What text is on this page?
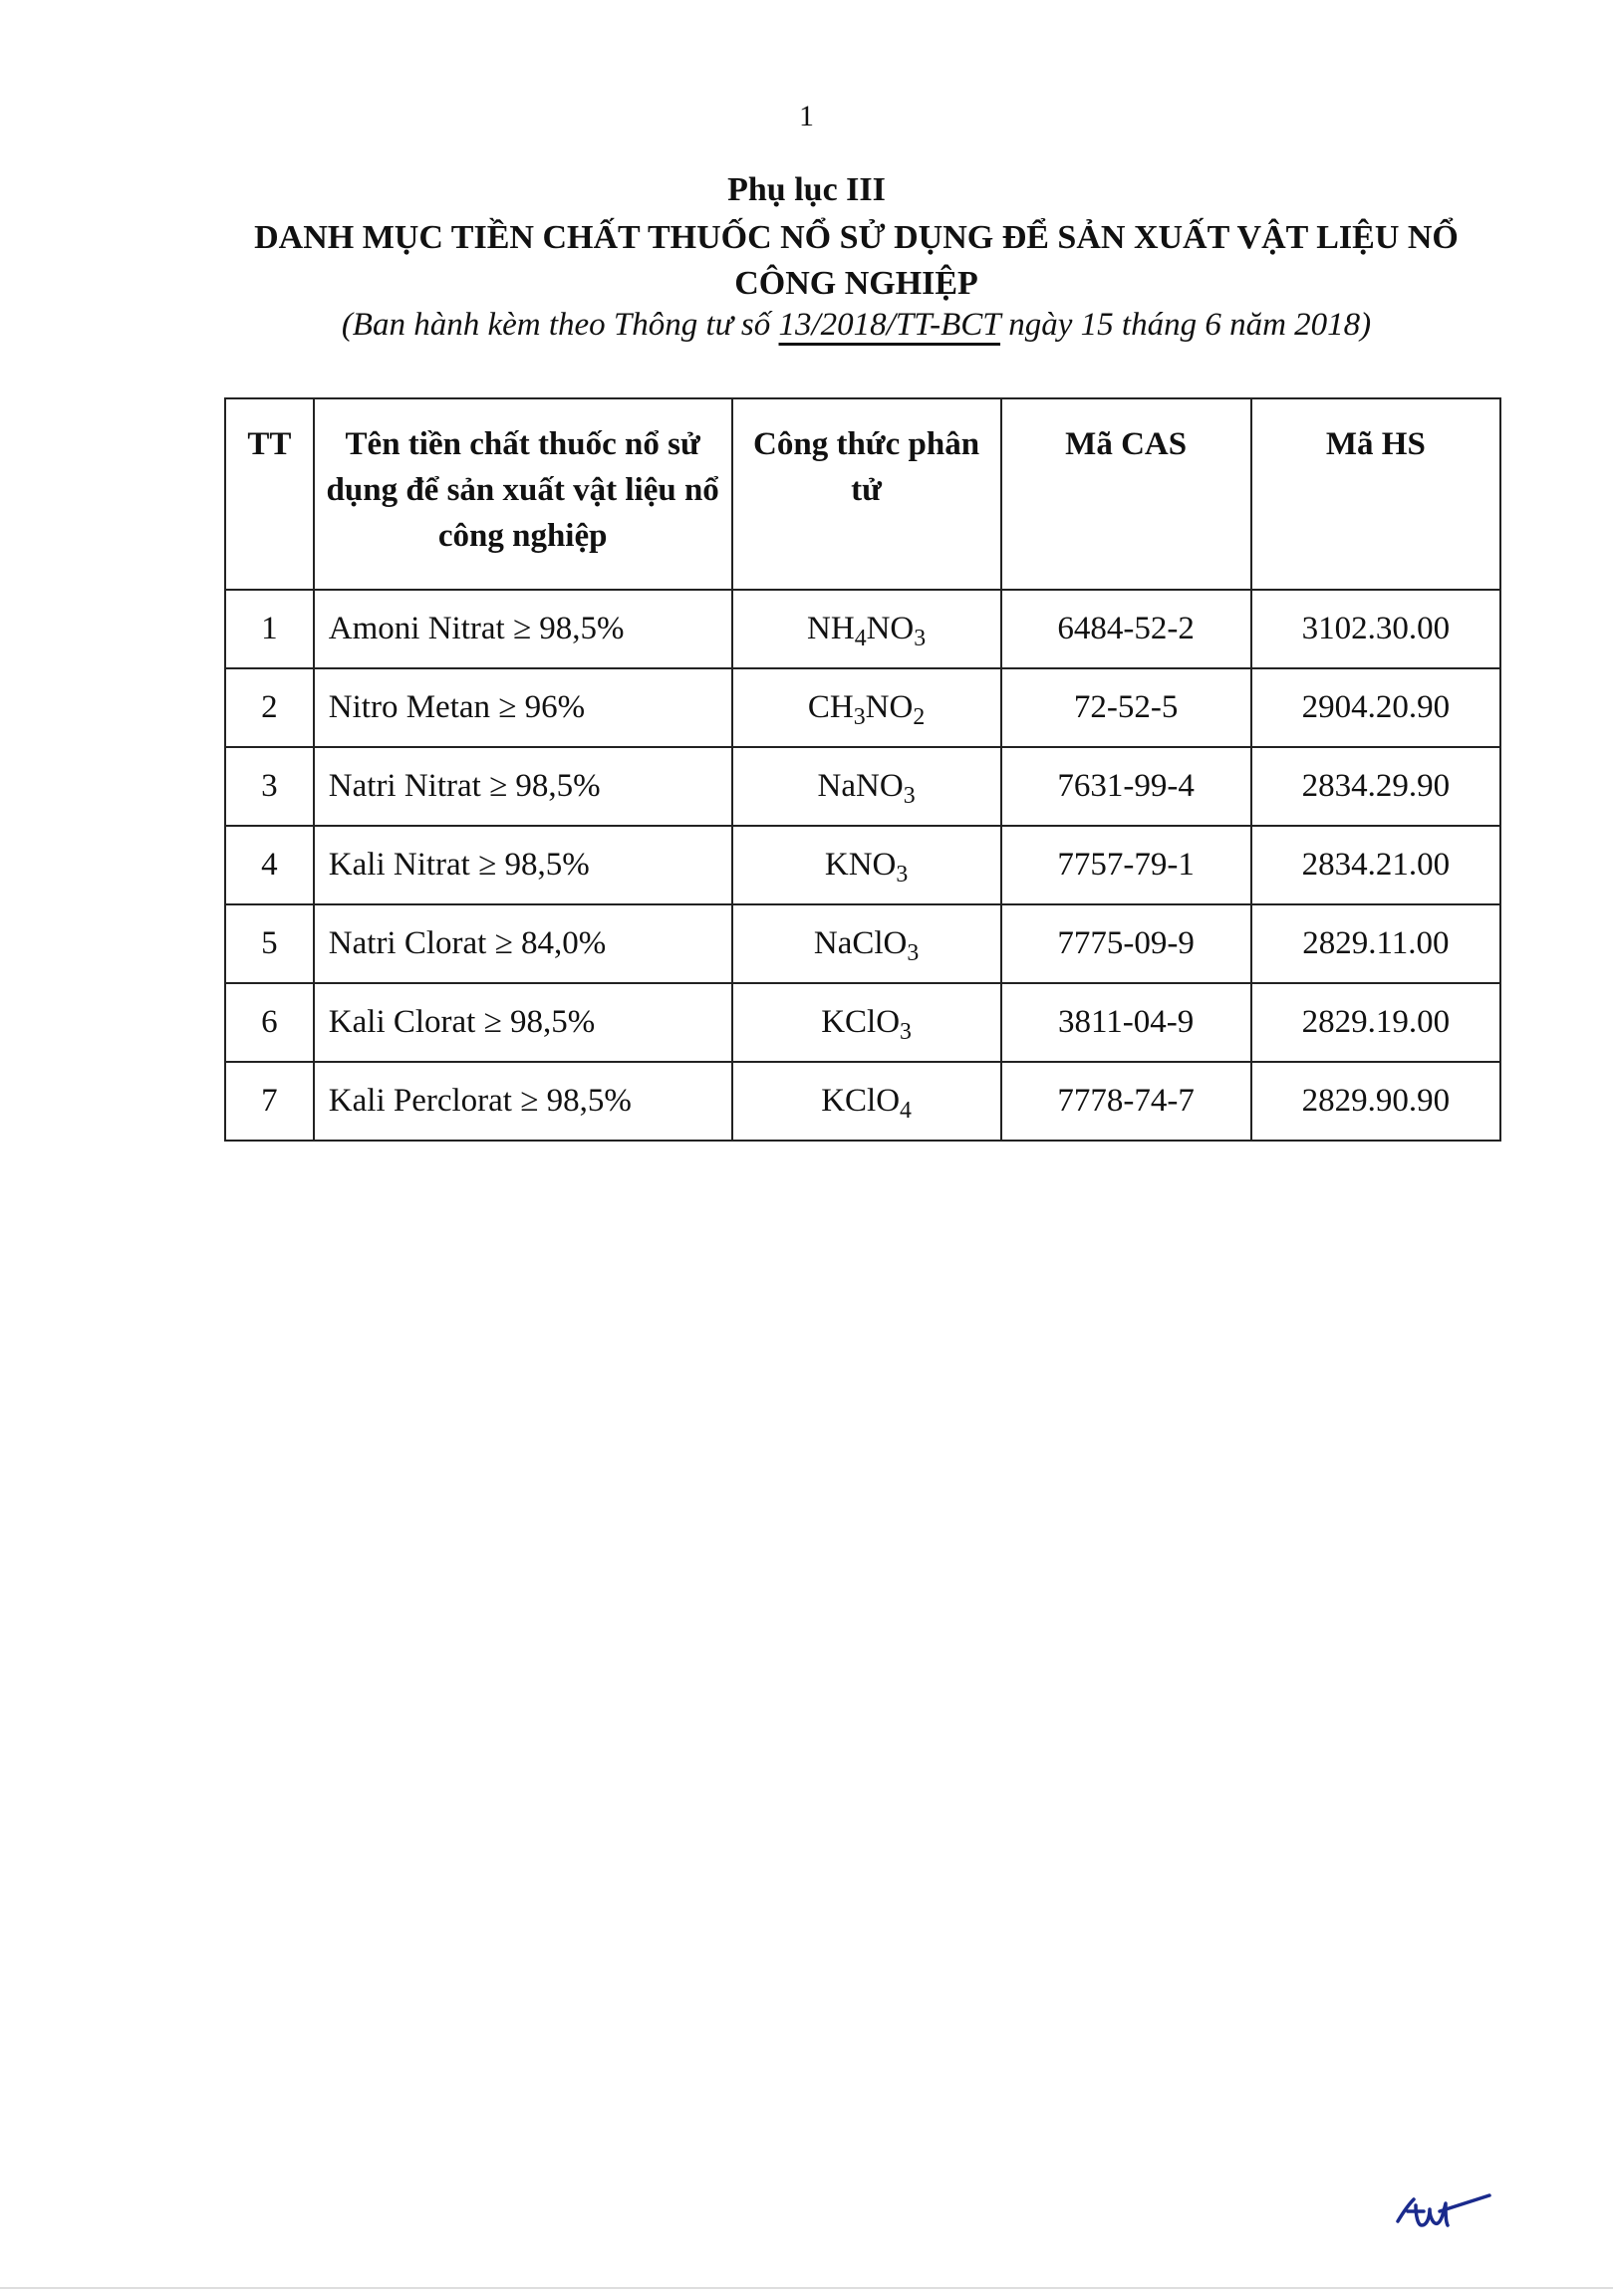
1
Phụ lục III
DANH MỤC TIỀN CHẤT THUỐC NỔ SỬ DỤNG ĐỂ SẢN XUẤT VẬT LIỆU NỔ CÔNG NGHIỆP
(Ban hành kèm theo Thông tư số 13/2018/TT-BCT ngày 15 tháng 6 năm 2018)
TT	Tên tiền chất thuốc nổ sử dụng để sản xuất vật liệu nổ công nghiệp	Công thức phân tử	Mã CAS	Mã HS
1	Amoni Nitrat ≥ 98,5%	$NH_4NO_3$	6484-52-2	3102.30.00
2	Nitro Metan ≥ 96%	$CH_3NO_2$	72-52-5	2904.20.90
3	Natri Nitrat ≥ 98,5%	NaNO$_3$	7631-99-4	2834.29.90
4	Kali Nitrat ≥ 98,5%	$KNO_3$	7757-79-1	2834.21.00
5	Natri Clorat ≥ 84,0%	NaClO$_3$	7775-09-9	2829.11.00
6	Kali Clorat ≥ 98,5%	KClO$_3$	3811-04-9	2829.19.00
7	Kali Perclorat ≥ 98,5%	KClO$_4$	7778-74-7	2829.90.90
